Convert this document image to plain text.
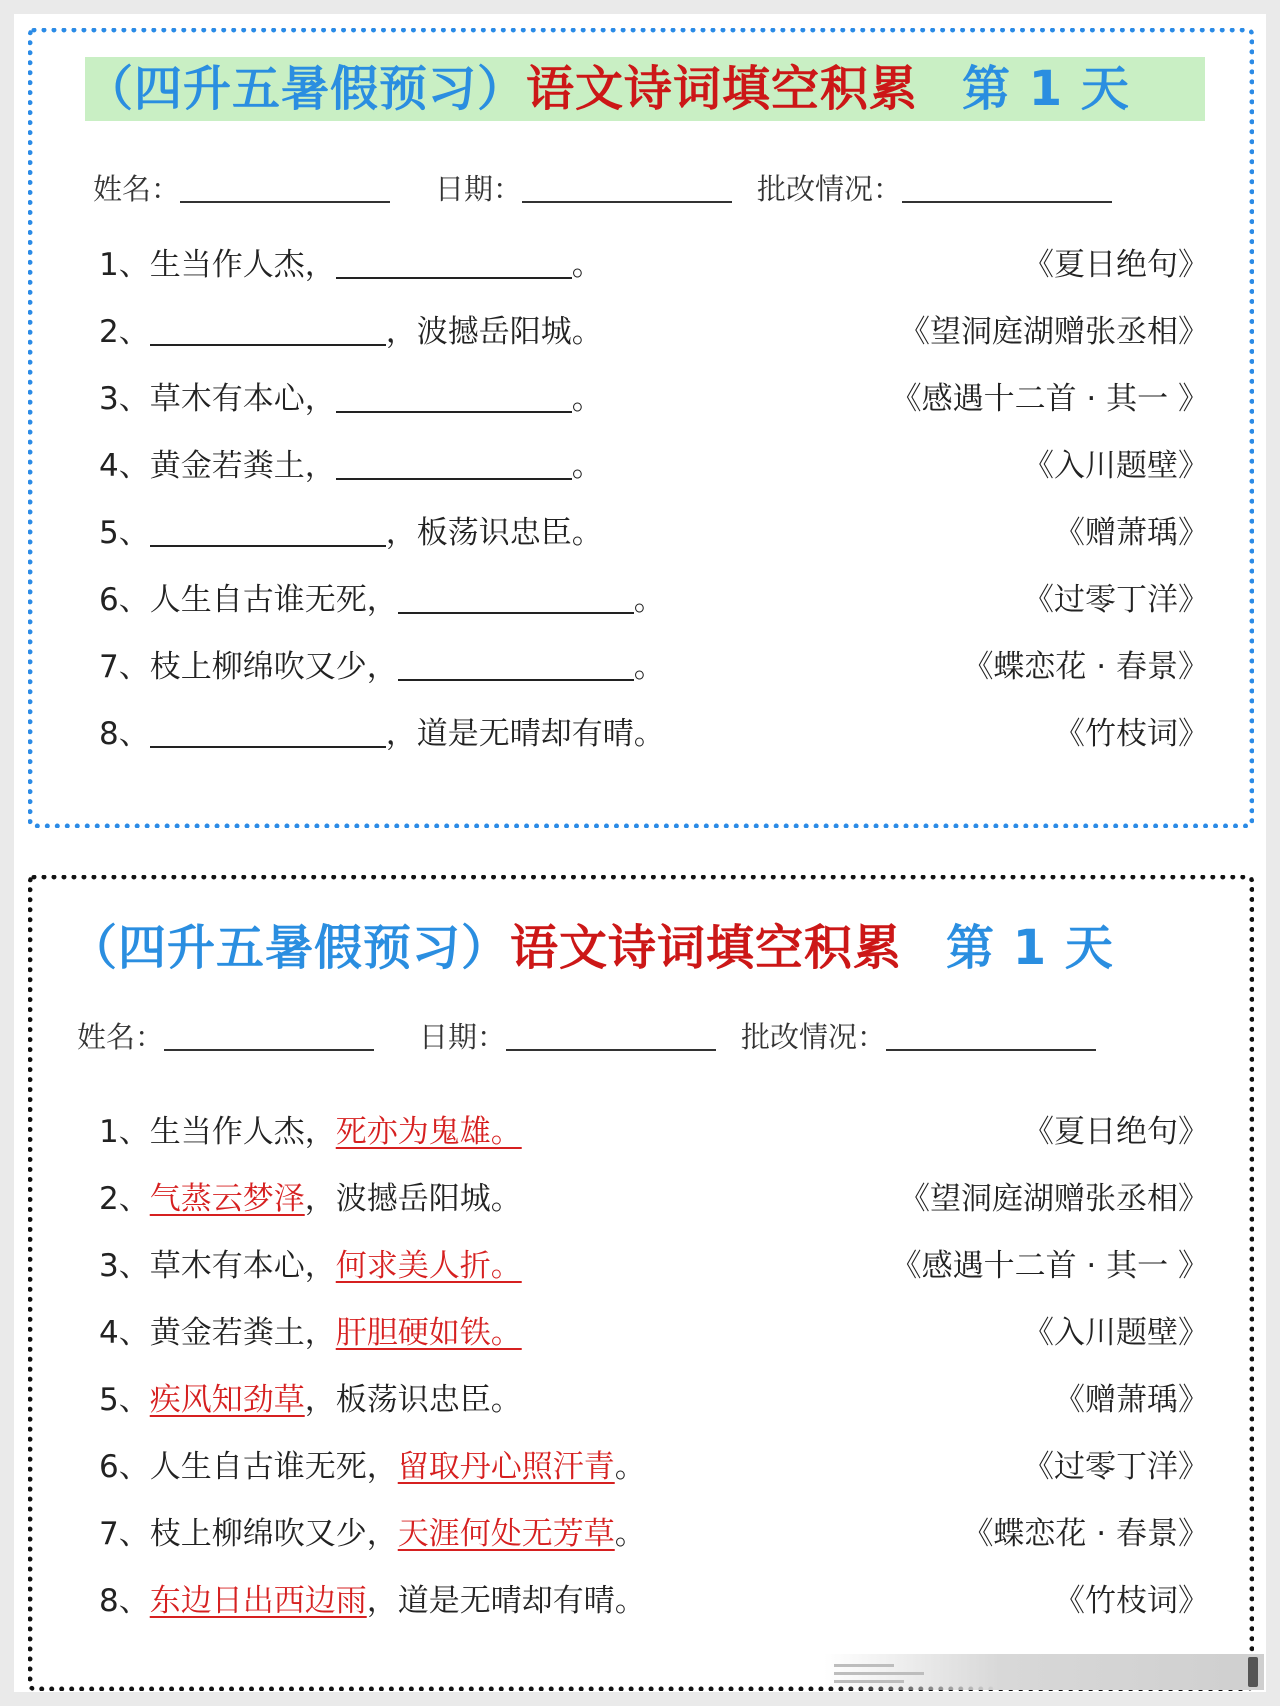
（四升五暑假预习）语文诗词填空积累 第 1 天
姓名：	日期：	批改情况：
1、生当作人杰，	。	《夏日绝句》
2、	，波撼岳阳城。	《望洞庭湖赠张丞相》
3、草木有本心，	。	《感遇十二首 · 其一 》
4、黄金若粪土，	。	《入川题壁》
5、	，板荡识忠臣。	《赠萧瑀》
6、人生自古谁无死，	。	《过零丁洋》
7、枝上柳绵吹又少，	。	《蝶恋花 · 春景》
8、	，道是无晴却有晴。	《竹枝词》
（四升五暑假预习）语文诗词填空积累 第 1 天
姓名：	日期：	批改情况：
1、生当作人杰，死亦为鬼雄。	《夏日绝句》
2、气蒸云梦泽，波撼岳阳城。	《望洞庭湖赠张丞相》
3、草木有本心，何求美人折。	《感遇十二首 · 其一 》
4、黄金若粪土，肝胆硬如铁。	《入川题壁》
5、疾风知劲草，板荡识忠臣。	《赠萧瑀》
6、人生自古谁无死，留取丹心照汗青。	《过零丁洋》
7、枝上柳绵吹又少，天涯何处无芳草。	《蝶恋花 · 春景》
8、东边日出西边雨，道是无晴却有晴。	《竹枝词》
